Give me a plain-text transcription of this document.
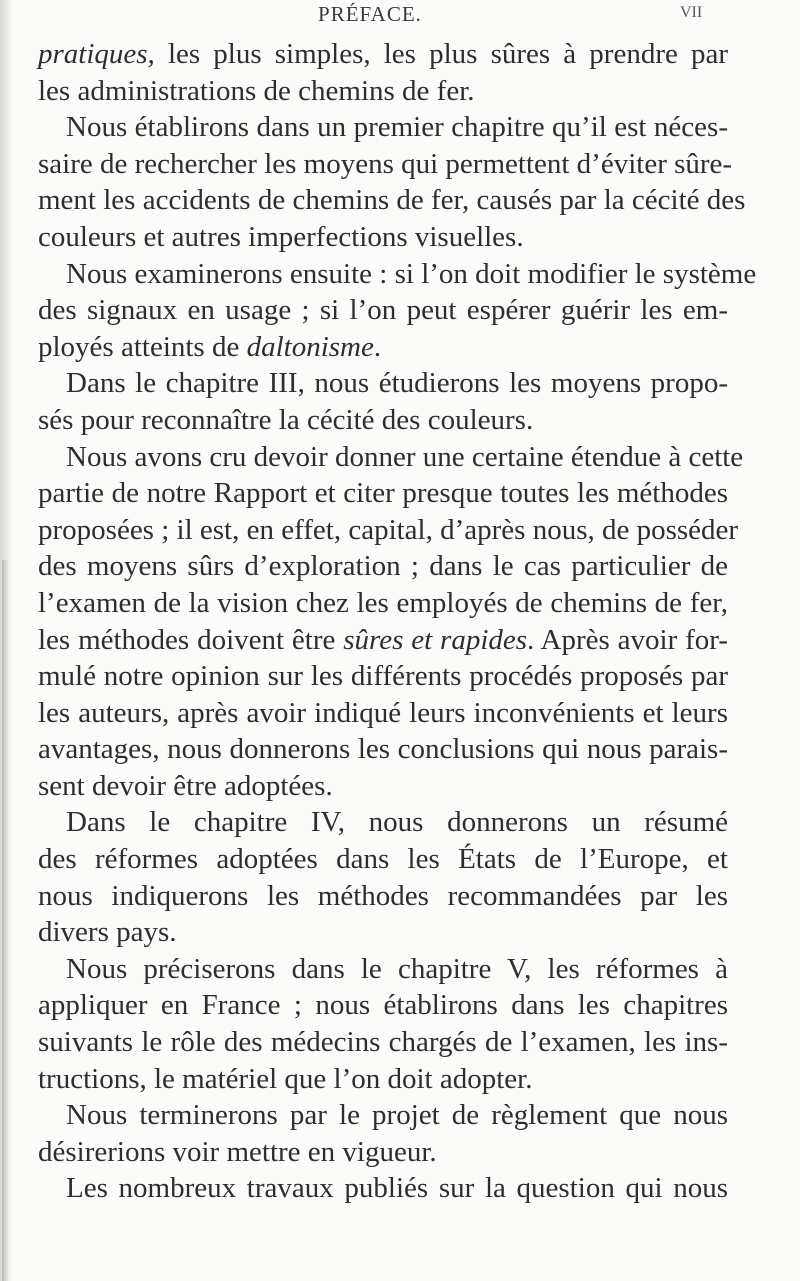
PRÉFACE.	VII
pratiques, les plus simples, les plus sûres à prendre par
les administrations de chemins de fer.
Nous établirons dans un premier chapitre qu’il est néces-
saire de rechercher les moyens qui permettent d’éviter sûre-
ment les accidents de chemins de fer, causés par la cécité des
couleurs et autres imperfections visuelles.
Nous examinerons ensuite : si l’on doit modifier le système
des signaux en usage ; si l’on peut espérer guérir les em-
ployés atteints de daltonisme.
Dans le chapitre III, nous étudierons les moyens propo-
sés pour reconnaître la cécité des couleurs.
Nous avons cru devoir donner une certaine étendue à cette
partie de notre Rapport et citer presque toutes les méthodes
proposées ; il est, en effet, capital, d’après nous, de posséder
des moyens sûrs d’exploration ; dans le cas particulier de
l’examen de la vision chez les employés de chemins de fer,
les méthodes doivent être sûres et rapides. Après avoir for-
mulé notre opinion sur les différents procédés proposés par
les auteurs, après avoir indiqué leurs inconvénients et leurs
avantages, nous donnerons les conclusions qui nous parais-
sent devoir être adoptées.
Dans le chapitre IV, nous donnerons un résumé
des réformes adoptées dans les États de l’Europe, et
nous indiquerons les méthodes recommandées par les
divers pays.
Nous préciserons dans le chapitre V, les réformes à
appliquer en France ; nous établirons dans les chapitres
suivants le rôle des médecins chargés de l’examen, les ins-
tructions, le matériel que l’on doit adopter.
Nous terminerons par le projet de règlement que nous
désirerions voir mettre en vigueur.
Les nombreux travaux publiés sur la question qui nous
